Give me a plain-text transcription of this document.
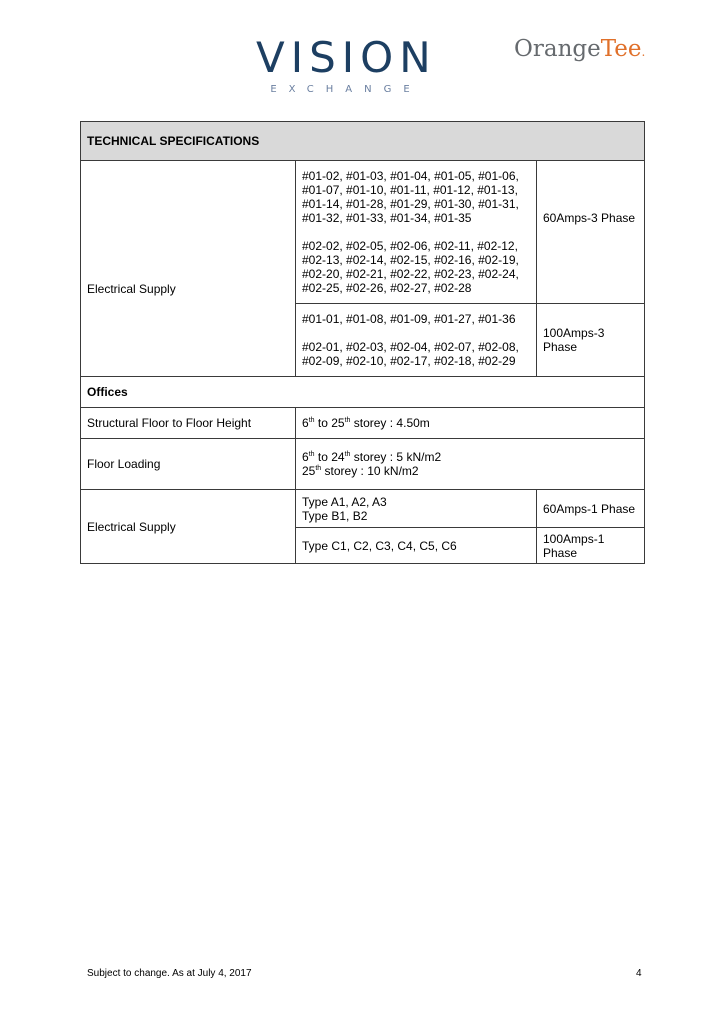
VISION
EXCHANGE
OrangeTee.
TECHNICAL SPECIFICATIONS		
Electrical Supply	#01-02, #01-03, #01-04, #01-05, #01-06, #01-07, #01-10, #01-11, #01-12, #01-13, #01-14, #01-28, #01-29, #01-30, #01-31, #01-32, #01-33, #01-34, #01-35

#02-02, #02-05, #02-06, #02-11, #02-12, #02-13, #02-14, #02-15, #02-16, #02-19, #02-20, #02-21, #02-22, #02-23, #02-24, #02-25, #02-26, #02-27, #02-28	60Amps-3 Phase

	#01-01, #01-08, #01-09, #01-27, #01-36

#02-01, #02-03, #02-04, #02-07, #02-08, #02-09, #02-10, #02-17, #02-18, #02-29	100Amps-3 Phase
Offices		
Structural Floor to Floor Height	6th to 25th storey : 4.50m	
Floor Loading	6th to 24th storey : 5 kN/m2
25th storey : 10 kN/m2	

Electrical Supply	Type A1, A2, A3
Type B1, B2	60Amps-1 Phase
	Type C1, C2, C3, C4, C5, C6	100Amps-1 Phase
Subject to change. As at July 4, 2017	4
